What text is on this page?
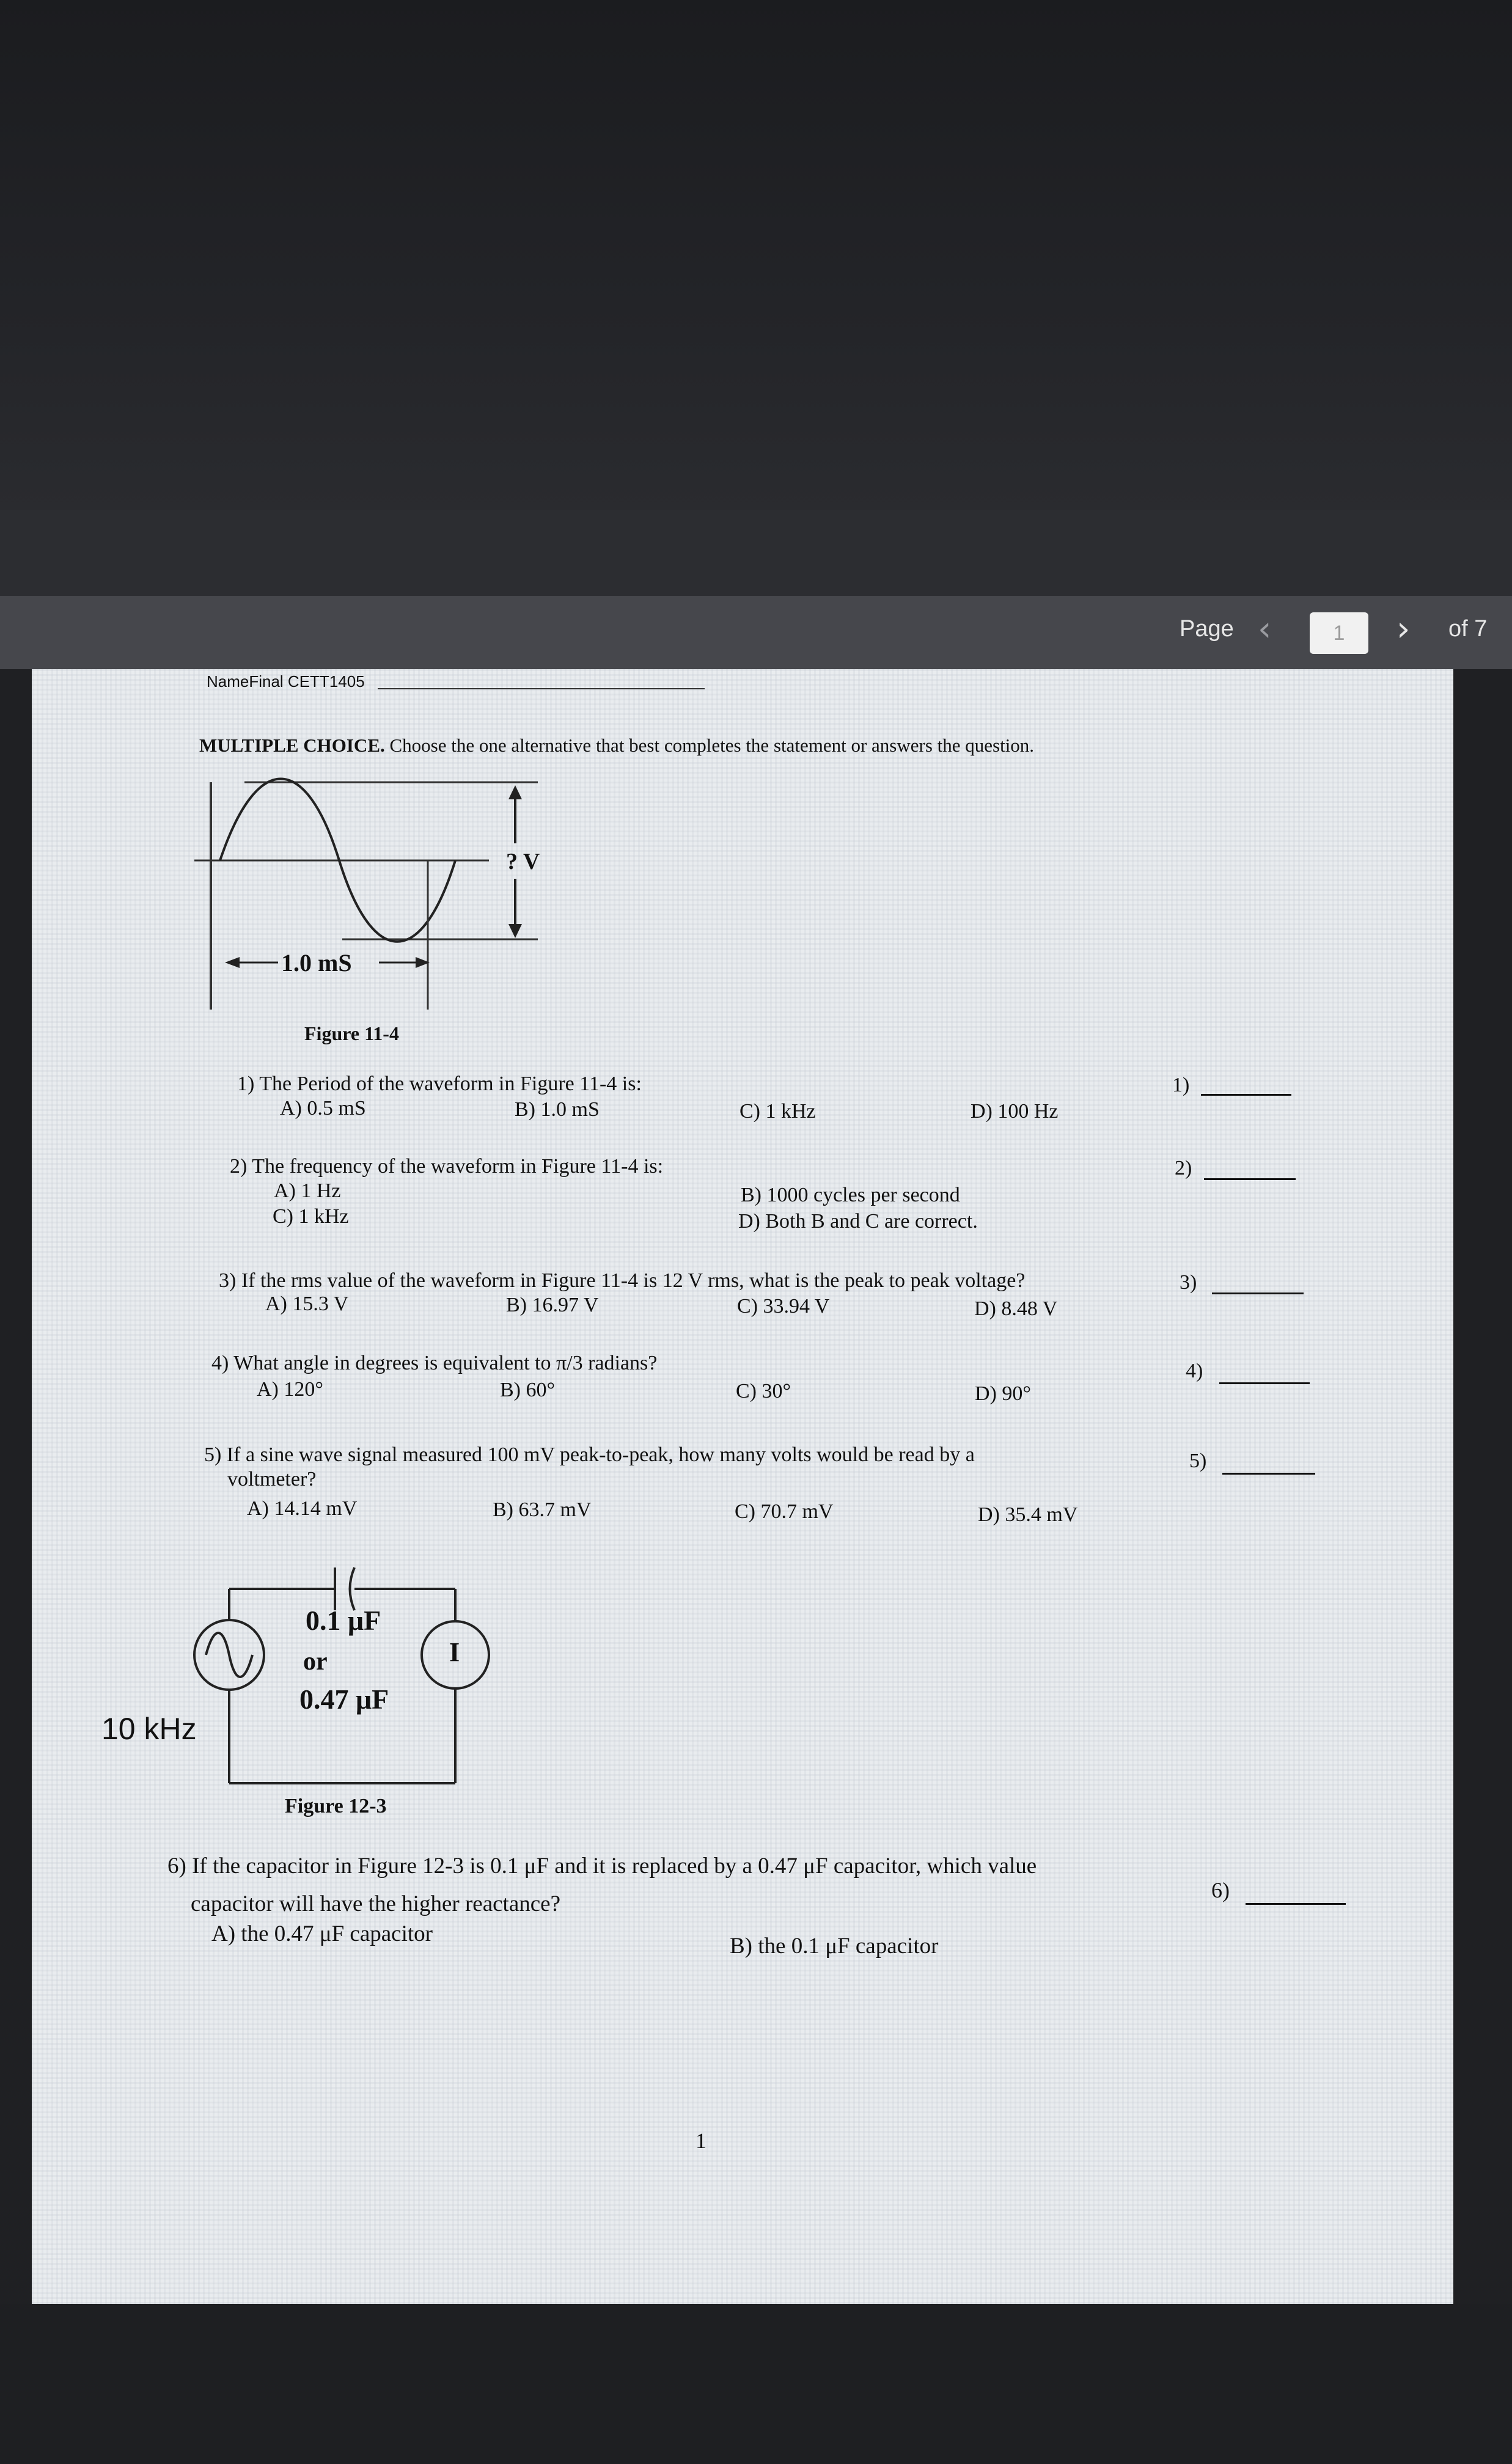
Page ‹	1	› of 7
NameFinal CETT1405
MULTIPLE CHOICE. Choose the one alternative that best completes the statement or answers the question.
? V
1.0 mS
Figure 11-4
1) The Period of the waveform in Figure 11-4 is:
A) 0.5 mS	B) 1.0 mS	C) 1 kHz	D) 100 Hz
1)
2) The frequency of the waveform in Figure 11-4 is:
A) 1 Hz	B) 1000 cycles per second
C) 1 kHz	D) Both B and C are correct.
2)
3) If the rms value of the waveform in Figure 11-4 is 12 V rms, what is the peak to peak voltage?
A) 15.3 V	B) 16.97 V	C) 33.94 V	D) 8.48 V
3)
4) What angle in degrees is equivalent to π/3 radians?
A) 120°	B) 60°	C) 30°	D) 90°
4)
5) If a sine wave signal measured 100 mV peak-to-peak, how many volts would be read by a
voltmeter?
A) 14.14 mV	B) 63.7 mV	C) 70.7 mV	D) 35.4 mV
5)
0.1 μF
or
0.47 μF
I
10 kHz
Figure 12-3
6) If the capacitor in Figure 12-3 is 0.1 μF and it is replaced by a 0.47 μF capacitor, which value
capacitor will have the higher reactance?
A) the 0.47 μF capacitor	B) the 0.1 μF capacitor
6)
1
